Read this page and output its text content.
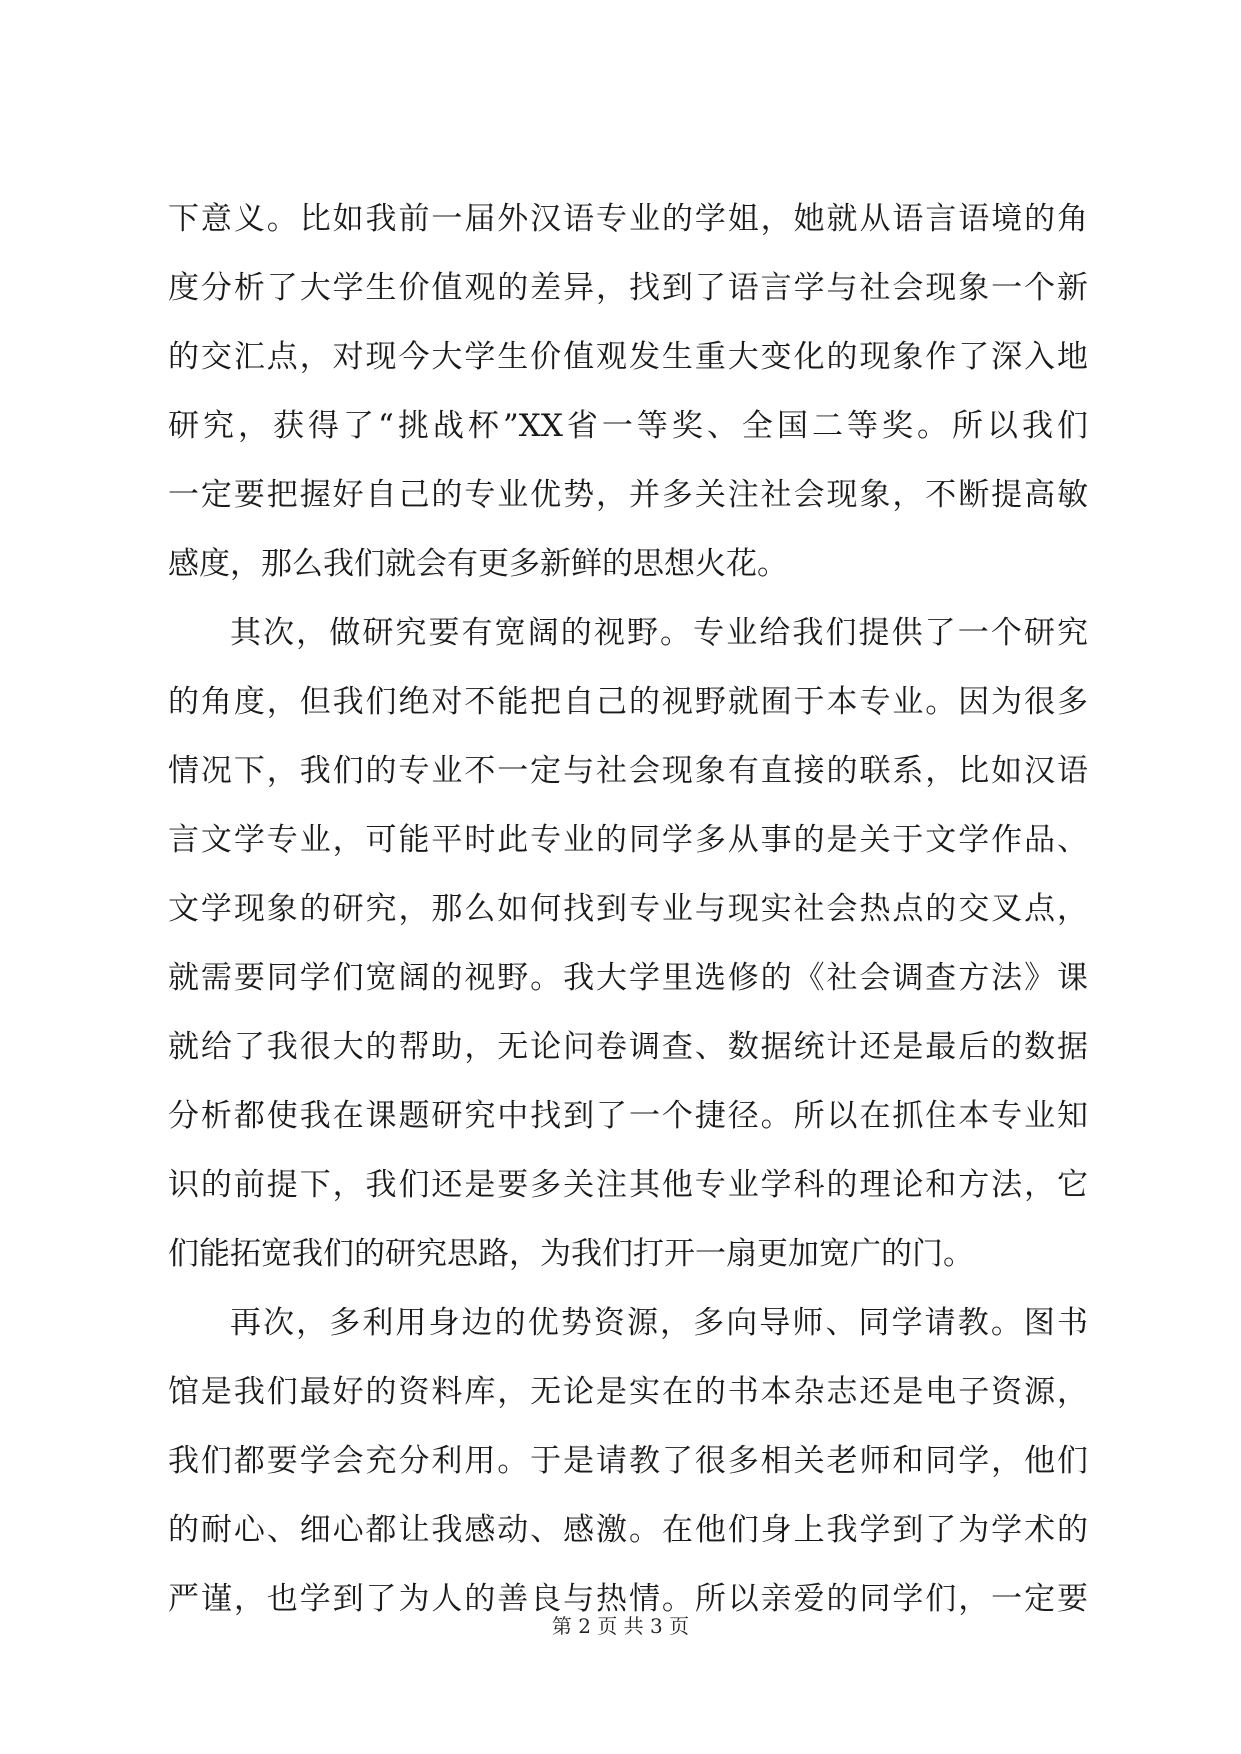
下意义。比如我前一届外汉语专业的学姐，她就从语言语境的角
度分析了大学生价值观的差异，找到了语言学与社会现象一个新
的交汇点，对现今大学生价值观发生重大变化的现象作了深入地
研究，获得了“挑战杯”XX省一等奖、全国二等奖。所以我们
一定要把握好自己的专业优势，并多关注社会现象，不断提高敏
感度，那么我们就会有更多新鲜的思想火花。
其次，做研究要有宽阔的视野。专业给我们提供了一个研究
的角度，但我们绝对不能把自己的视野就囿于本专业。因为很多
情况下，我们的专业不一定与社会现象有直接的联系，比如汉语
言文学专业，可能平时此专业的同学多从事的是关于文学作品、
文学现象的研究，那么如何找到专业与现实社会热点的交叉点，
就需要同学们宽阔的视野。我大学里选修的《社会调查方法》课
就给了我很大的帮助，无论问卷调查、数据统计还是最后的数据
分析都使我在课题研究中找到了一个捷径。所以在抓住本专业知
识的前提下，我们还是要多关注其他专业学科的理论和方法，它
们能拓宽我们的研究思路，为我们打开一扇更加宽广的门。
再次，多利用身边的优势资源，多向导师、同学请教。图书
馆是我们最好的资料库，无论是实在的书本杂志还是电子资源，
我们都要学会充分利用。于是请教了很多相关老师和同学，他们
的耐心、细心都让我感动、感激。在他们身上我学到了为学术的
严谨，也学到了为人的善良与热情。所以亲爱的同学们，一定要
第 2 页 共 3 页
